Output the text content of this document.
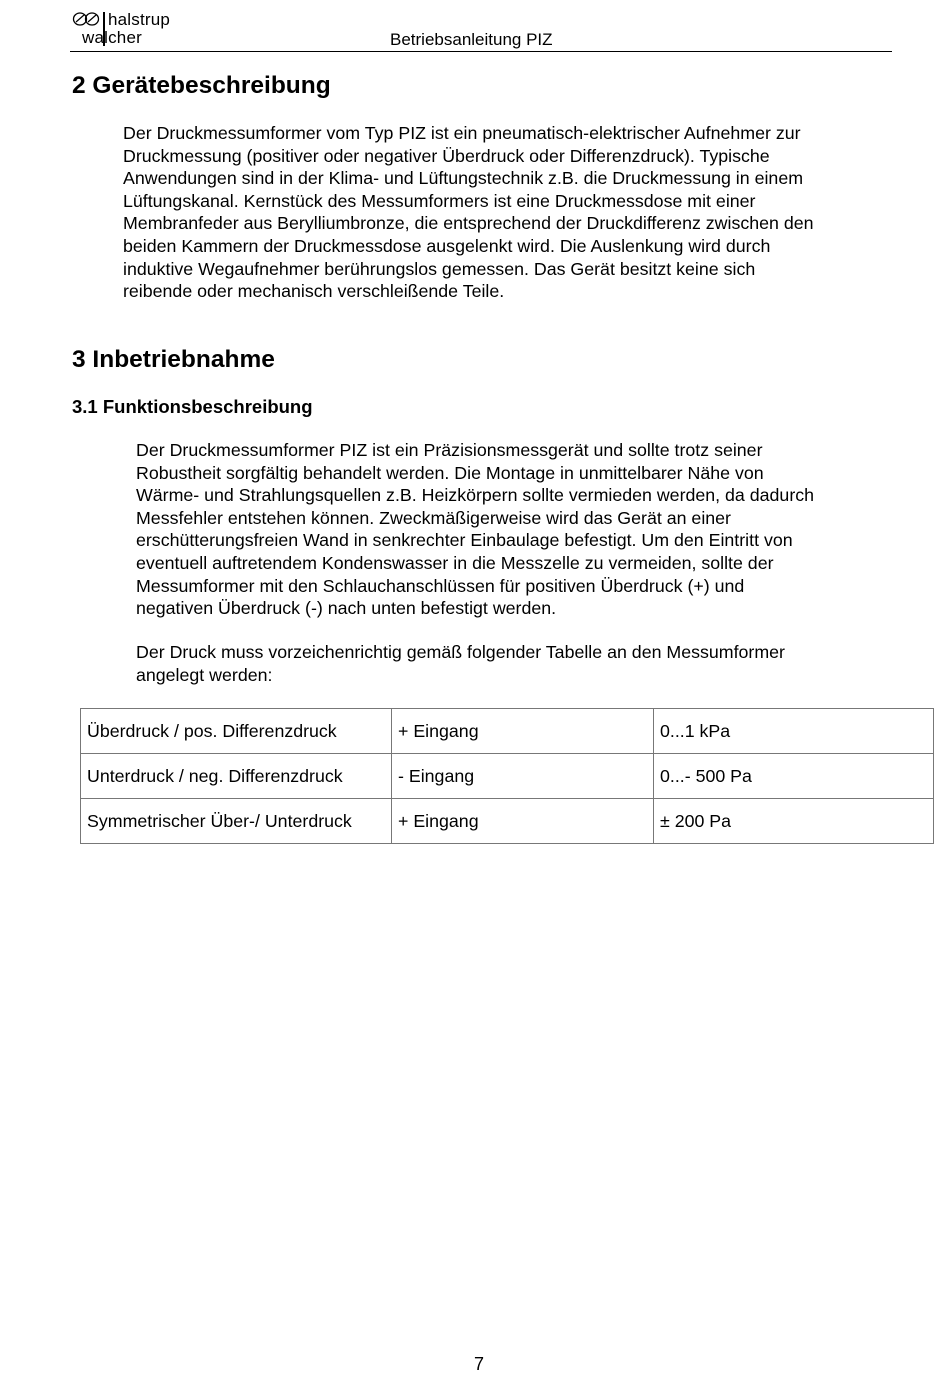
halstrup
walcher	Betriebsanleitung PIZ
2 Gerätebeschreibung

Der Druckmessumformer vom Typ PIZ ist ein pneumatisch-elektrischer Aufnehmer zur

Druckmessung (positiver oder negativer Überdruck oder Differenzdruck). Typische

Anwendungen sind in der Klima- und Lüftungstechnik z.B. die Druckmessung in einem

Lüftungskanal. Kernstück des Messumformers ist eine Druckmessdose mit einer

Membranfeder aus Berylliumbronze, die entsprechend der Druckdifferenz zwischen den

beiden Kammern der Druckmessdose ausgelenkt wird. Die Auslenkung wird durch

induktive Wegaufnehmer berührungslos gemessen. Das Gerät besitzt keine sich

reibende oder mechanisch verschleißende Teile.

3 Inbetriebnahme
3.1 Funktionsbeschreibung

Der Druckmessumformer PIZ ist ein Präzisionsmessgerät und sollte trotz seiner

Robustheit sorgfältig behandelt werden. Die Montage in unmittelbarer Nähe von

Wärme- und Strahlungsquellen z.B. Heizkörpern sollte vermieden werden, da dadurch

Messfehler entstehen können. Zweckmäßigerweise wird das Gerät an einer

erschütterungsfreien Wand in senkrechter Einbaulage befestigt. Um den Eintritt von

eventuell auftretendem Kondenswasser in die Messzelle zu vermeiden, sollte der

Messumformer mit den Schlauchanschlüssen für positiven Überdruck (+) und

negativen Überdruck (-) nach unten befestigt werden.

Der Druck muss vorzeichenrichtig gemäß folgender Tabelle an den Messumformer

angelegt werden:

Überdruck / pos. Differenzdruck	+ Eingang	0...1 kPa
Unterdruck / neg. Differenzdruck	- Eingang	0...- 500 Pa
Symmetrischer Über-/ Unterdruck	+ Eingang	± 200 Pa
7
